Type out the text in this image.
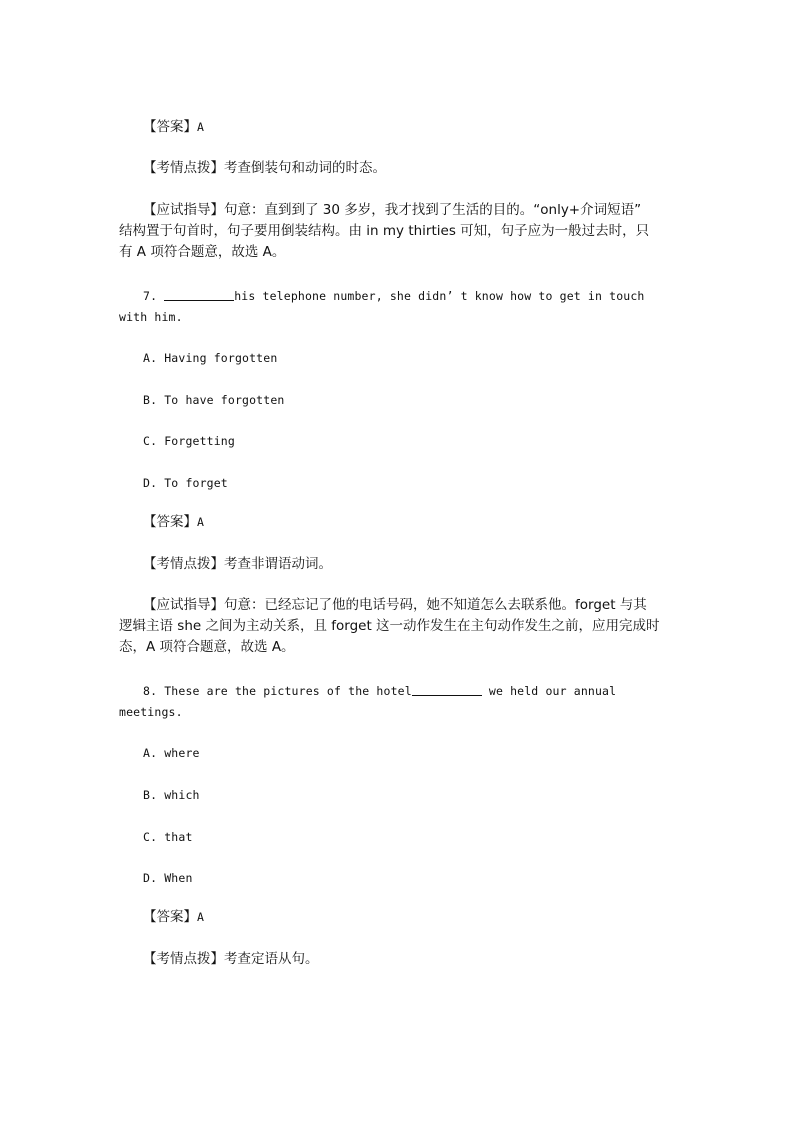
【答案】A
【考情点拨】考查倒装句和动词的时态。
【应试指导】句意：直到到了 30 多岁，我才找到了生活的目的。“only+介词短语”
结构置于句首时，句子要用倒装结构。由 in my thirties 可知，句子应为一般过去时，只
有 A 项符合题意，故选 A。
7.	his telephone number, she didn’ t know how to get in touch
with him.
A. Having forgotten
B. To have forgotten
C. Forgetting
D. To forget
【答案】A
【考情点拨】考查非谓语动词。
【应试指导】句意：已经忘记了他的电话号码，她不知道怎么去联系他。forget 与其
逻辑主语 she 之间为主动关系，且 forget 这一动作发生在主句动作发生之前，应用完成时
态，A 项符合题意，故选 A。
8. These are the pictures of the hotel	we held our annual
meetings.
A. where
B. which
C. that
D. When
【答案】A
【考情点拨】考查定语从句。
